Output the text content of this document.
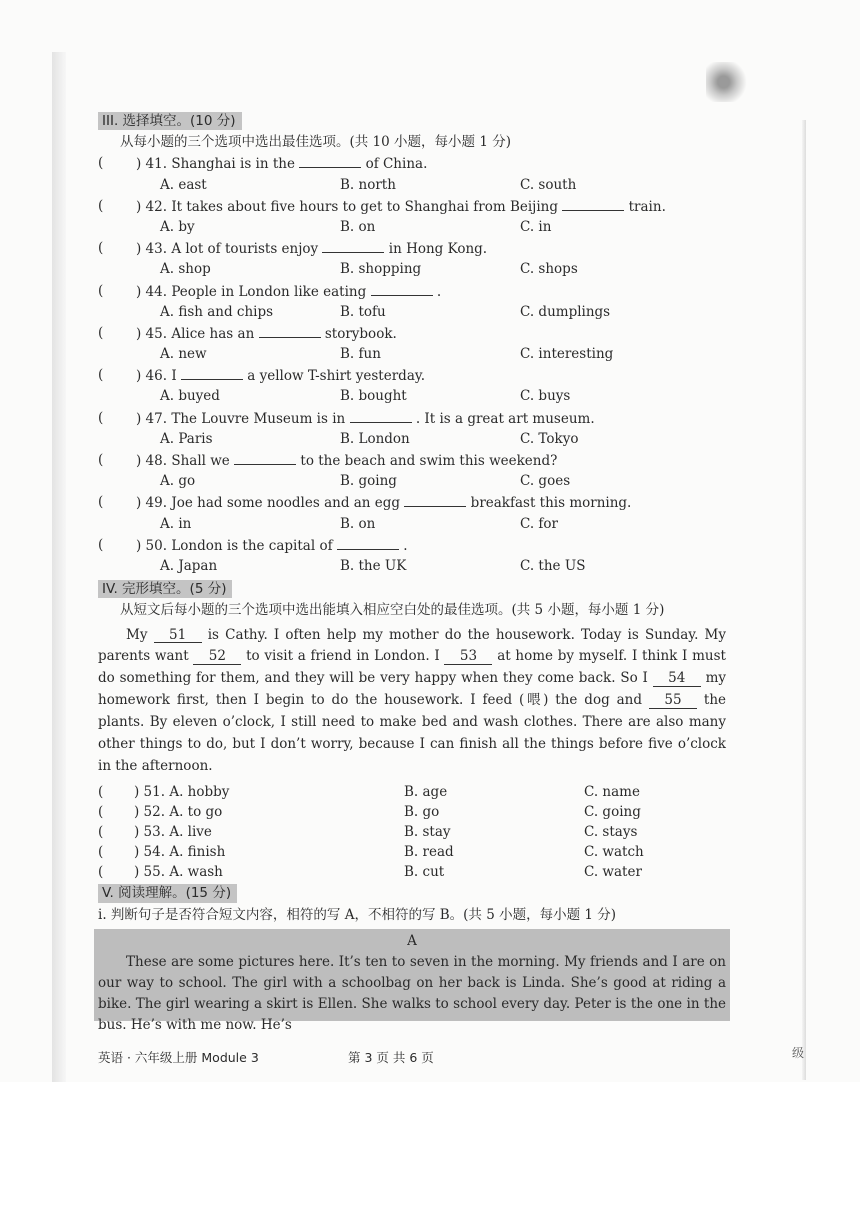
III. 选择填空。(10 分)
从每小题的三个选项中选出最佳选项。(共 10 小题，每小题 1 分)
(	) 41. Shanghai is in the	of China.
A. east	B. north	C. south
(	) 42. It takes about five hours to get to Shanghai from Beijing	train.
A. by	B. on	C. in
(	) 43. A lot of tourists enjoy	in Hong Kong.
A. shop	B. shopping	C. shops
(	) 44. People in London like eating	.
A. fish and chips	B. tofu	C. dumplings
(	) 45. Alice has an	storybook.
A. new	B. fun	C. interesting
(	) 46. I	a yellow T-shirt yesterday.
A. buyed	B. bought	C. buys
(	) 47. The Louvre Museum is in	. It is a great art museum.
A. Paris	B. London	C. Tokyo
(	) 48. Shall we	to the beach and swim this weekend?
A. go	B. going	C. goes
(	) 49. Joe had some noodles and an egg	breakfast this morning.
A. in	B. on	C. for
(	) 50. London is the capital of	.
A. Japan	B. the UK	C. the US
IV. 完形填空。(5 分)
从短文后每小题的三个选项中选出能填入相应空白处的最佳选项。(共 5 小题，每小题 1 分)
My 51 is Cathy. I often help my mother do the housework. Today is Sunday. My parents want 52 to visit a friend in London. I 53 at home by myself. I think I must do something for them, and they will be very happy when they come back. So I 54 my homework first, then I begin to do the housework. I feed (喂) the dog and 55 the plants. By eleven o’clock, I still need to make bed and wash clothes. There are also many other things to do, but I don’t worry, because I can finish all the things before five o’clock in the afternoon.
(	) 51. A. hobby	B. age	C. name
(	) 52. A. to go	B. go	C. going
(	) 53. A. live	B. stay	C. stays
(	) 54. A. finish	B. read	C. watch
(	) 55. A. wash	B. cut	C. water
V. 阅读理解。(15 分)
i. 判断句子是否符合短文内容，相符的写 A，不相符的写 B。(共 5 小题，每小题 1 分)
A
These are some pictures here. It’s ten to seven in the morning. My friends and I are on our way to school. The girl with a schoolbag on her back is Linda. She’s good at riding a bike. The girl wearing a skirt is Ellen. She walks to school every day. Peter is the one in the bus. He’s with me now. He’s
英语 · 六年级上册 Module 3	第 3 页 共 6 页	级
